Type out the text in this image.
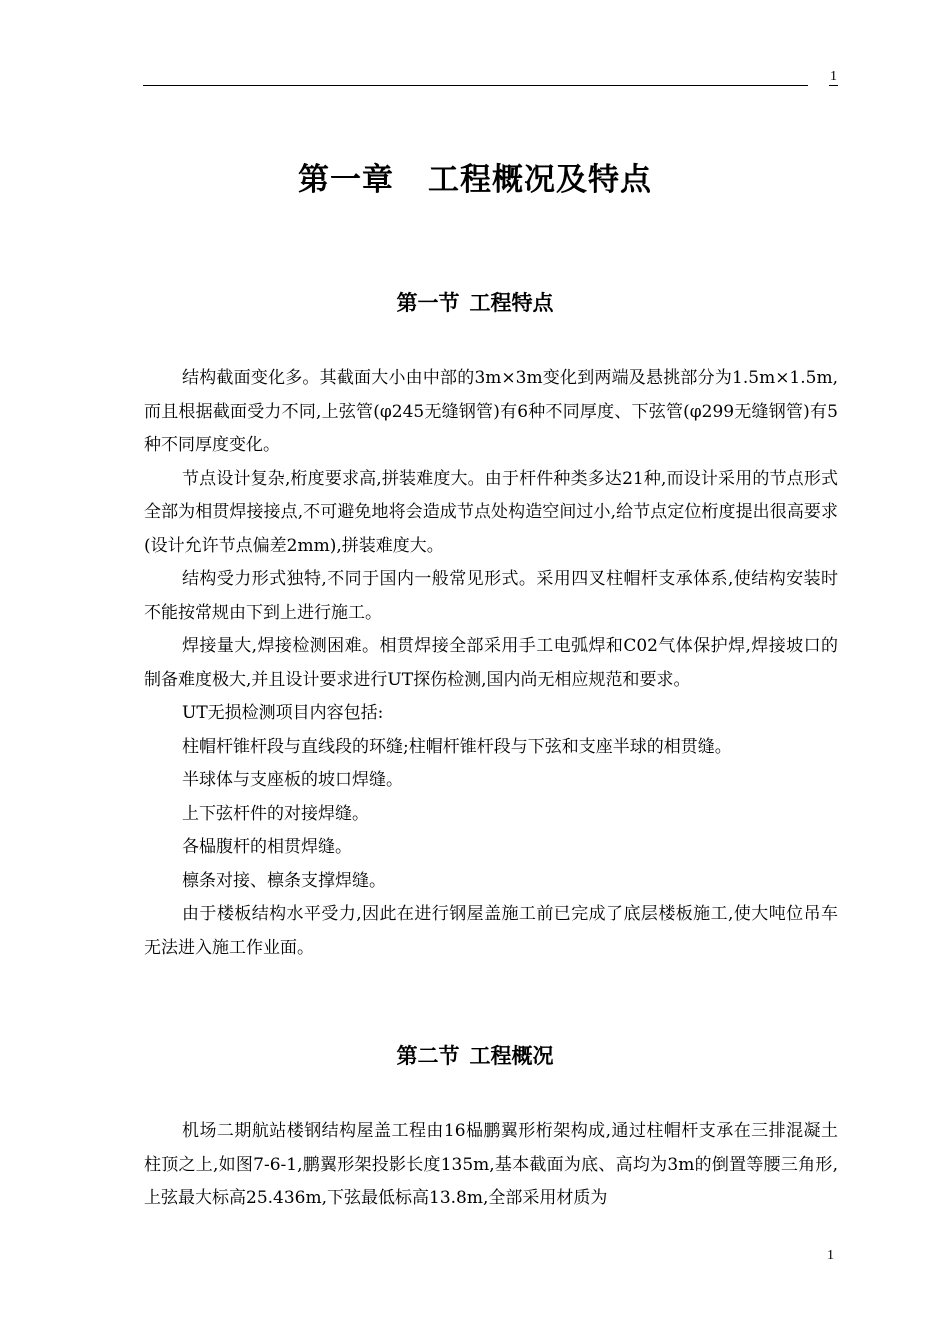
1
第一章 工程概况及特点
第一节 工程特点

结构截面变化多。其截面大小由中部的3m×3m变化到两端及悬挑部分为1.5m×1.5m,而且根据截面受力不同,上弦管(φ245无缝钢管)有6种不同厚度、下弦管(φ299无缝钢管)有5种不同厚度变化。

节点设计复杂,桁度要求高,拼装难度大。由于杆件种类多达21种,而设计采用的节点形式全部为相贯焊接接点,不可避免地将会造成节点处构造空间过小,给节点定位桁度提出很高要求(设计允许节点偏差2mm),拼装难度大。

结构受力形式独特,不同于国内一般常见形式。采用四叉柱帽杆支承体系,使结构安装时不能按常规由下到上进行施工。

焊接量大,焊接检测困难。相贯焊接全部采用手工电弧焊和C02气体保护焊,焊接坡口的制备难度极大,并且设计要求进行UT探伤检测,国内尚无相应规范和要求。

UT无损检测项目内容包括:

柱帽杆锥杆段与直线段的环缝;柱帽杆锥杆段与下弦和支座半球的相贯缝。

半球体与支座板的坡口焊缝。

上下弦杆件的对接焊缝。

各榀腹杆的相贯焊缝。

檩条对接、檩条支撑焊缝。

由于楼板结构水平受力,因此在进行钢屋盖施工前已完成了底层楼板施工,使大吨位吊车无法进入施工作业面。

第二节 工程概况

机场二期航站楼钢结构屋盖工程由16榀鹏翼形桁架构成,通过柱帽杆支承在三排混凝土柱顶之上,如图7-6-1,鹏翼形架投影长度135m,基本截面为底、高均为3m的倒置等腰三角形,上弦最大标高25.436m,下弦最低标高13.8m,全部采用材质为

1
